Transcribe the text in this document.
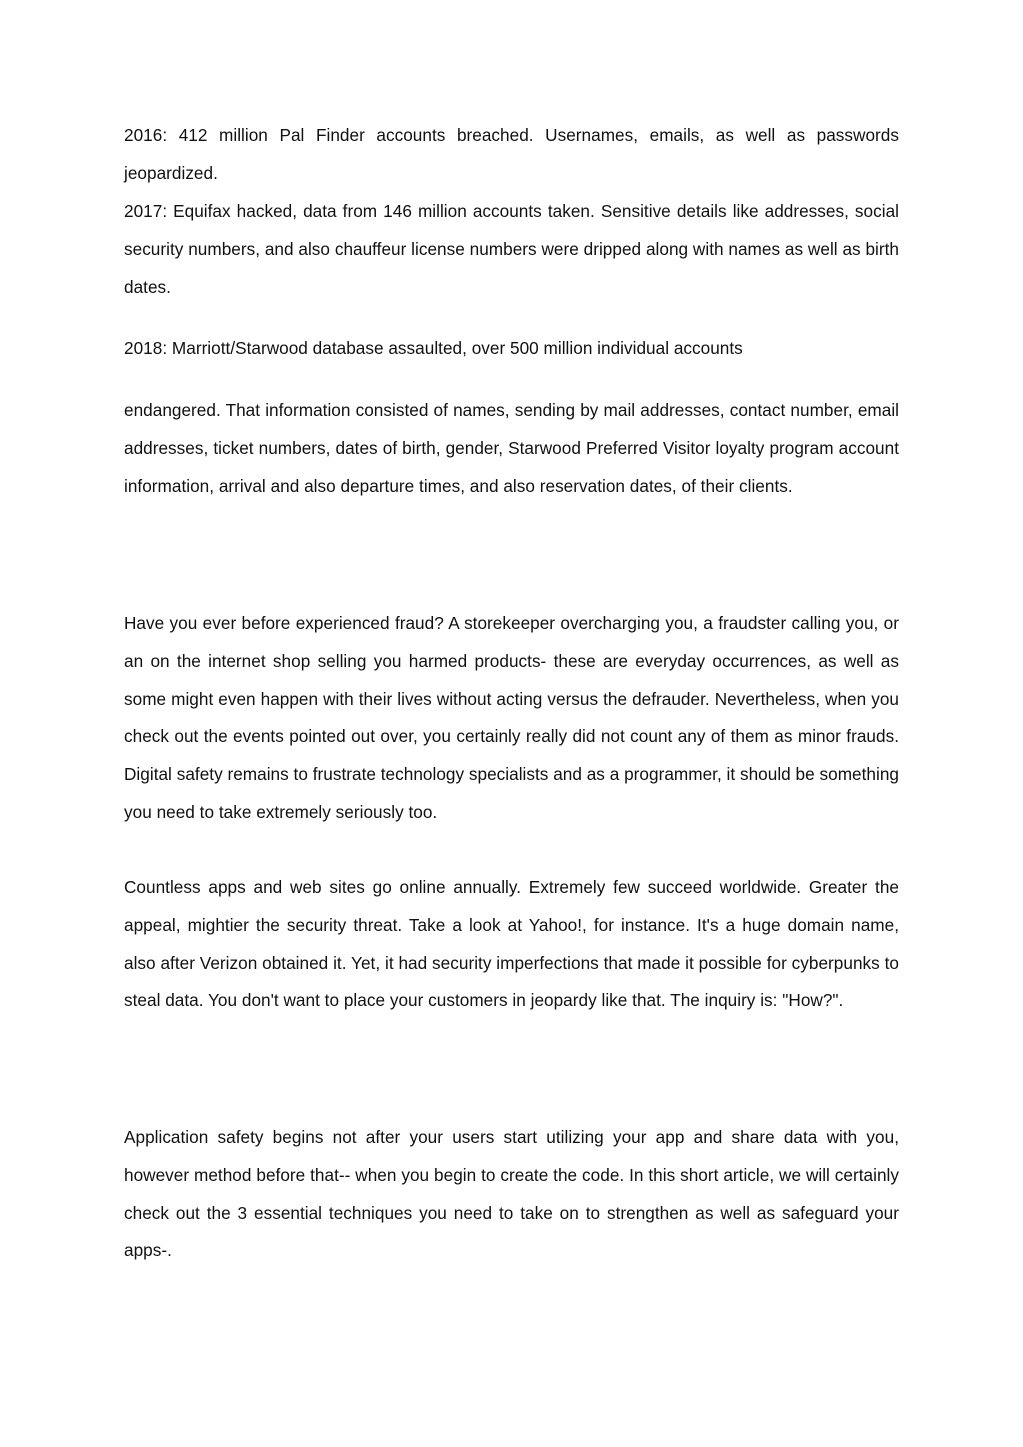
2016: 412 million Pal Finder accounts breached. Usernames, emails, as well as passwords jeopardized.

2017: Equifax hacked, data from 146 million accounts taken. Sensitive details like addresses, social security numbers, and also chauffeur license numbers were dripped along with names as well as birth dates.

2018: Marriott/Starwood database assaulted, over 500 million individual accounts

endangered. That information consisted of names, sending by mail addresses, contact number, email addresses, ticket numbers, dates of birth, gender, Starwood Preferred Visitor loyalty program account information, arrival and also departure times, and also reservation dates, of their clients.

Have you ever before experienced fraud? A storekeeper overcharging you, a fraudster calling you, or an on the internet shop selling you harmed products- these are everyday occurrences, as well as some might even happen with their lives without acting versus the defrauder. Nevertheless, when you check out the events pointed out over, you certainly really did not count any of them as minor frauds. Digital safety remains to frustrate technology specialists and as a programmer, it should be something you need to take extremely seriously too.

Countless apps and web sites go online annually. Extremely few succeed worldwide. Greater the appeal, mightier the security threat. Take a look at Yahoo!, for instance. It's a huge domain name, also after Verizon obtained it. Yet, it had security imperfections that made it possible for cyberpunks to steal data. You don't want to place your customers in jeopardy like that. The inquiry is: "How?".

Application safety begins not after your users start utilizing your app and share data with you, however method before that-- when you begin to create the code. In this short article, we will certainly check out the 3 essential techniques you need to take on to strengthen as well as safeguard your apps-.
